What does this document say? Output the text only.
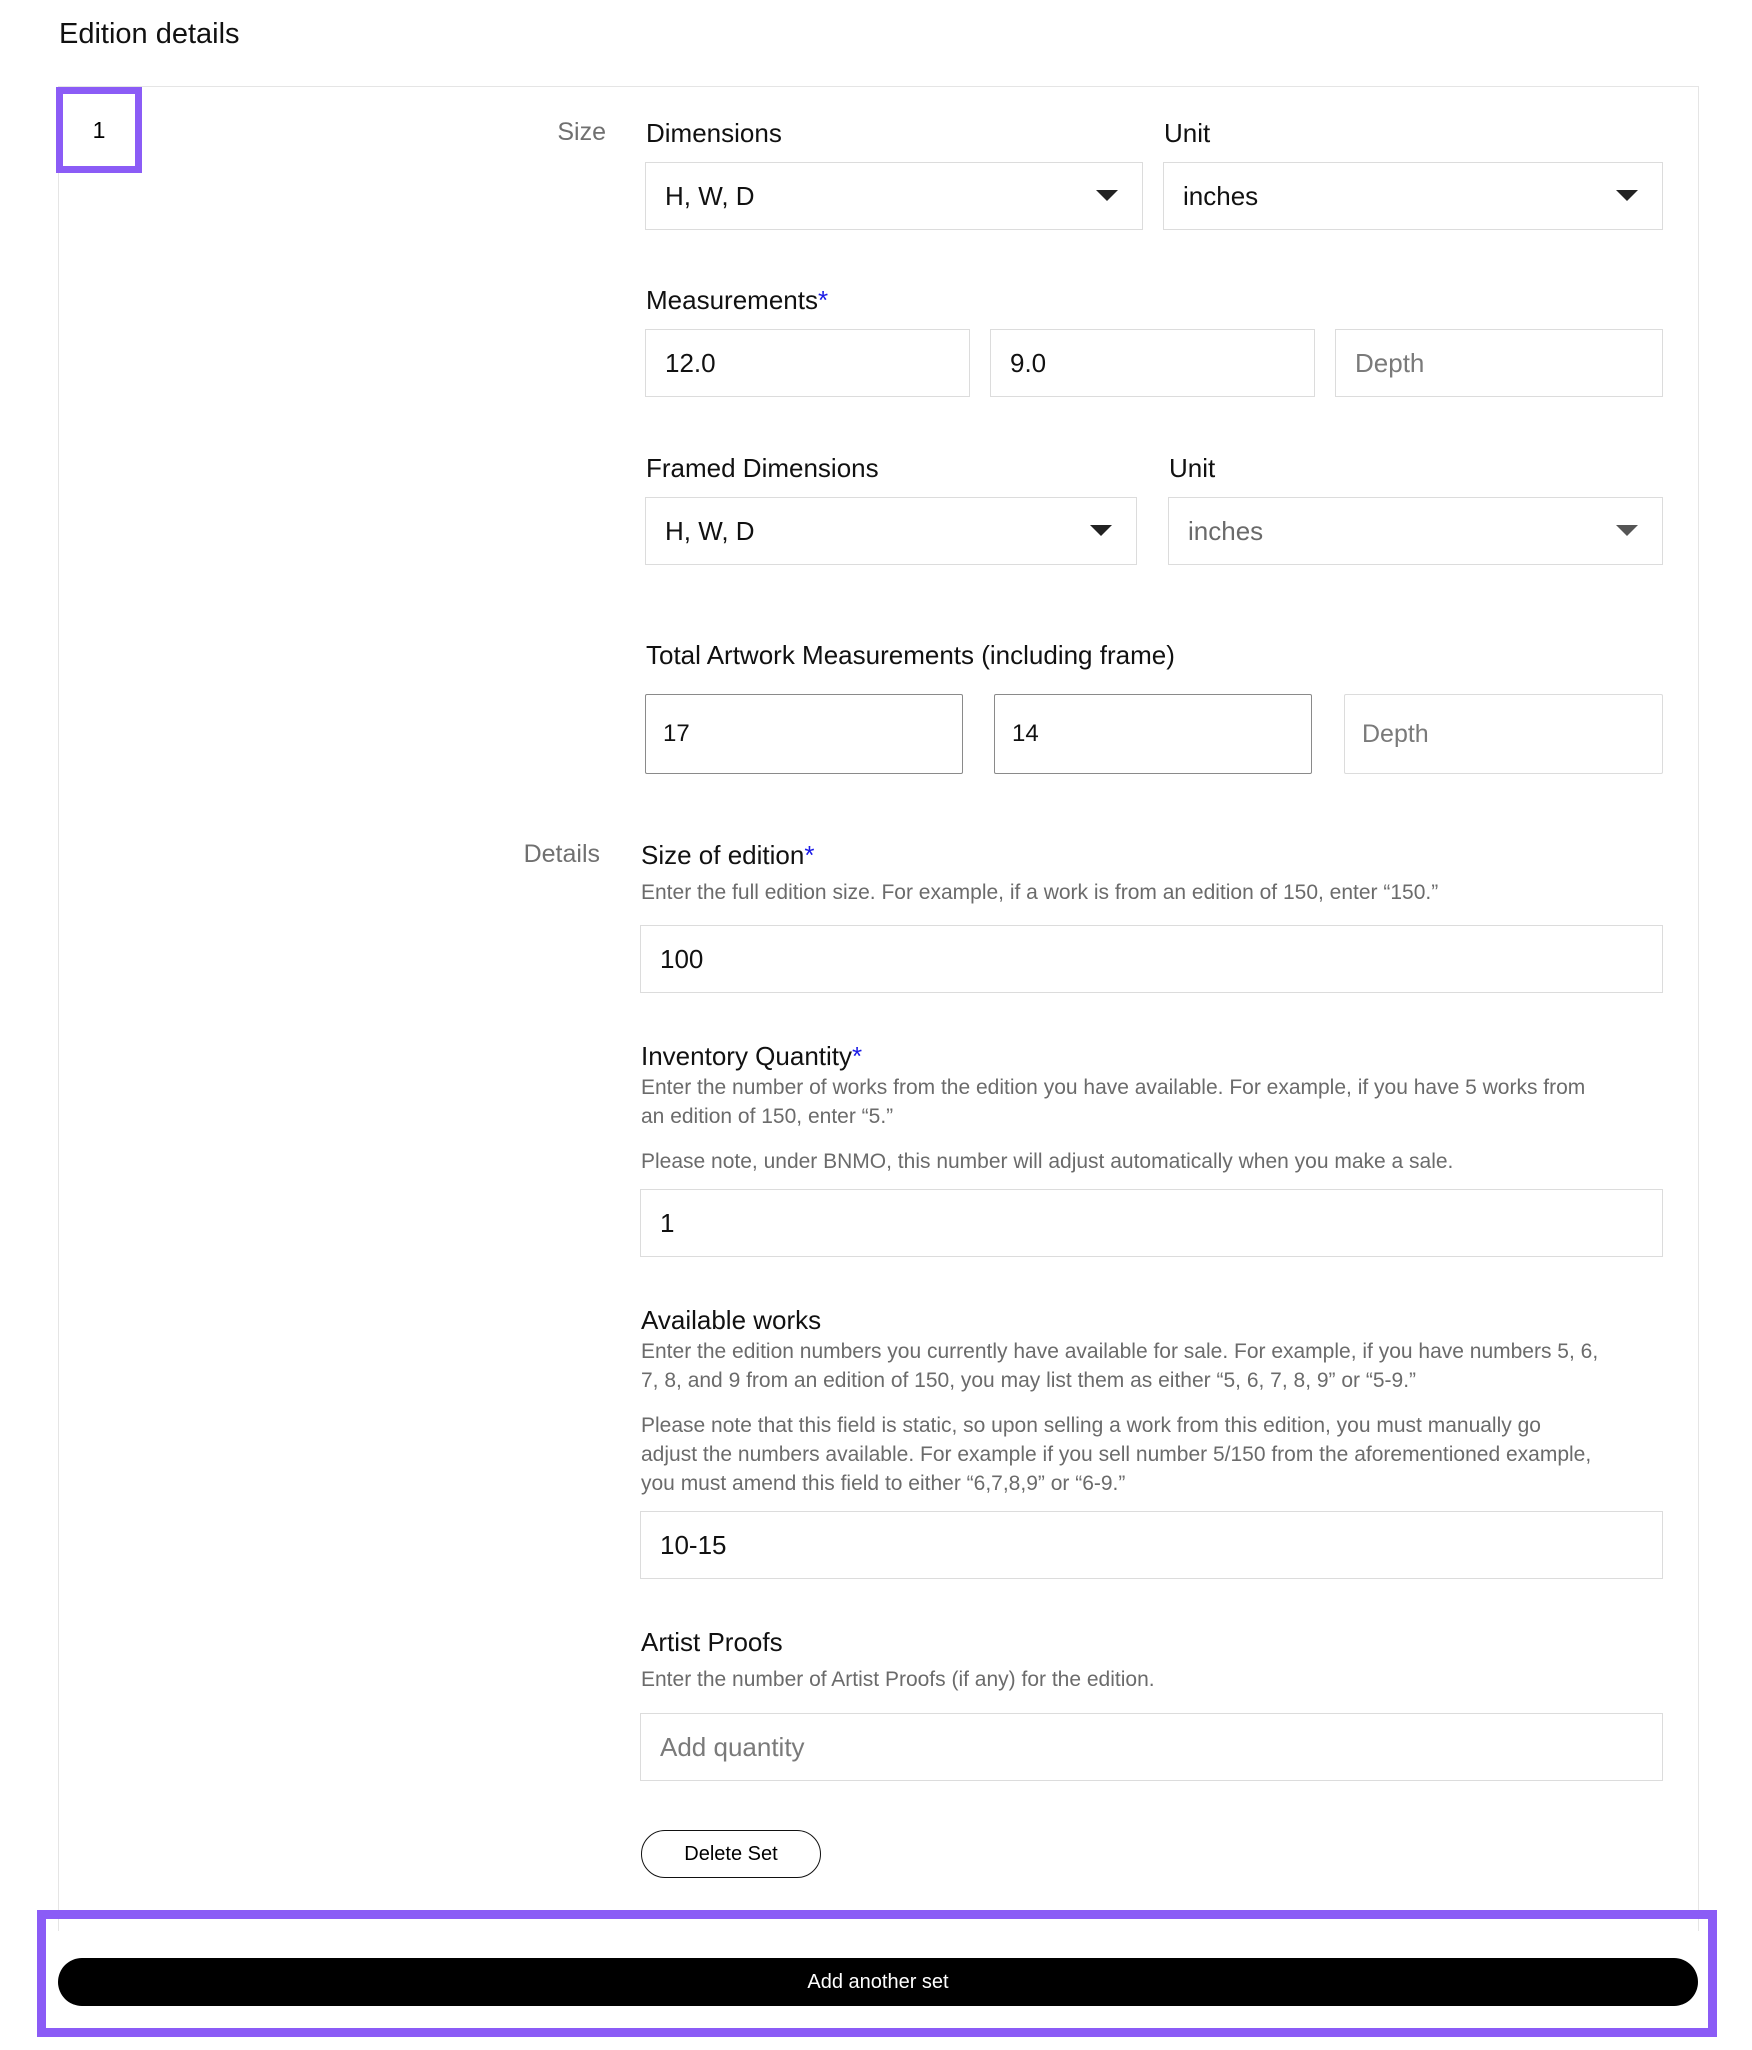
Edition details
1	Size Dimensions
H, W, D
Unit
inches
Measurements*
12.0	9.0	Depth
Framed Dimensions
H, W, D
Unit
inches
Total Artwork Measurements (including frame)
17	14	Depth
Details Size of edition*
Enter the full edition size. For example, if a work is from an edition of 150, enter “150.”
100
Inventory Quantity*
Enter the number of works from the edition you have available. For example, if you have 5 works from
an edition of 150, enter “5.”
Please note, under BNMO, this number will adjust automatically when you make a sale.
1
Available works
Enter the edition numbers you currently have available for sale. For example, if you have numbers 5, 6,
7, 8, and 9 from an edition of 150, you may list them as either “5, 6, 7, 8, 9” or “5-9.”
Please note that this field is static, so upon selling a work from this edition, you must manually go
adjust the numbers available. For example if you sell number 5/150 from the aforementioned example,
you must amend this field to either “6,7,8,9” or “6-9.”
10-15
Artist Proofs
Enter the number of Artist Proofs (if any) for the edition.
Add quantity
Delete Set
Add another set
